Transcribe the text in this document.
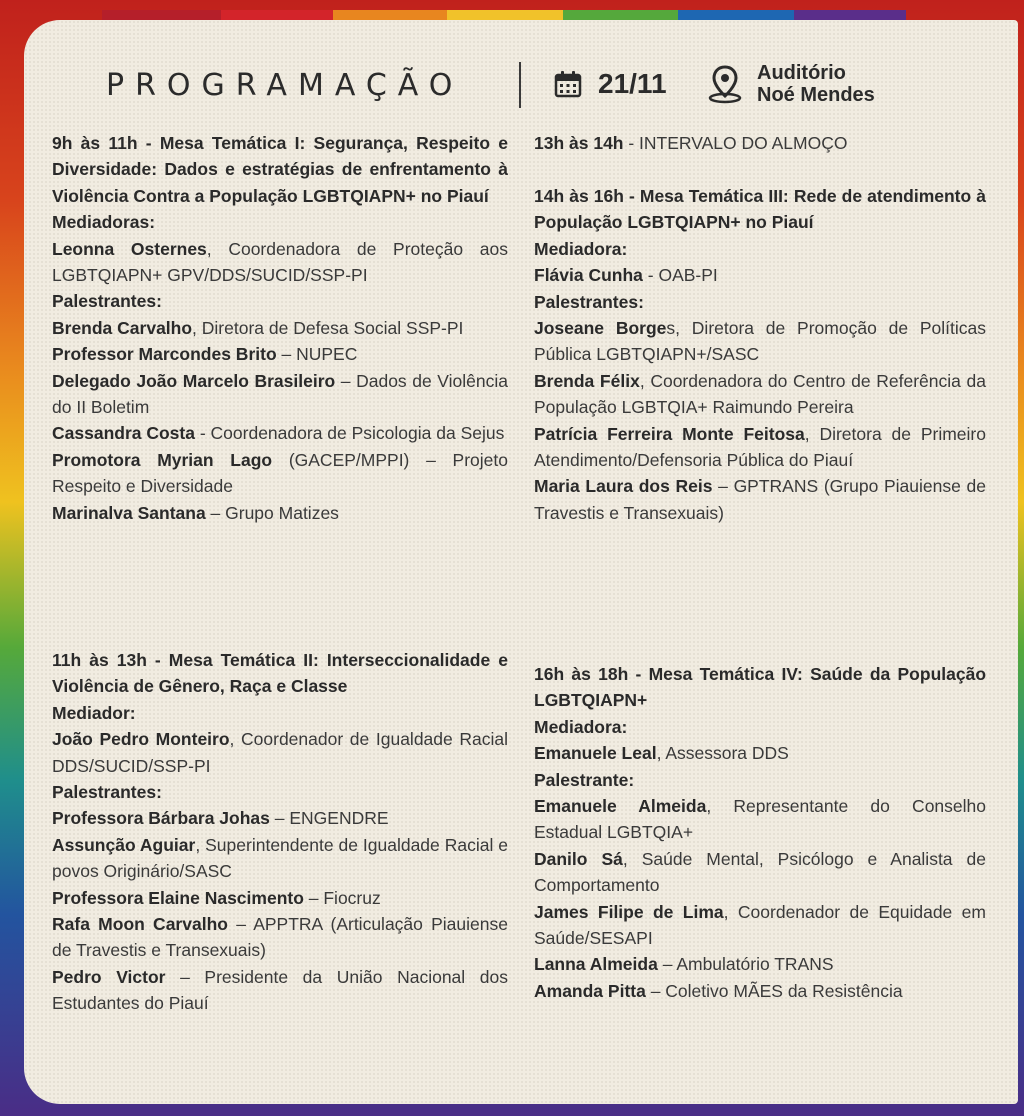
PROGRAMAÇÃO	21/11	Auditório
Noé Mendes

9h às 11h - Mesa Temática I: Segurança, Respeito e Diversidade: Dados e estratégias de enfrentamento à Violência Contra a População LGBTQIAPN+ no Piauí

Mediadoras:

Leonna Osternes, Coordenadora de Proteção aos LGBTQIAPN+ GPV/DDS/SUCID/SSP-PI

Palestrantes:

Brenda Carvalho, Diretora de Defesa Social SSP-PI

Professor Marcondes Brito – NUPEC

Delegado João Marcelo Brasileiro – Dados de Violência do II Boletim

Cassandra Costa - Coordenadora de Psicologia da Sejus

Promotora Myrian Lago (GACEP/MPPI) – Projeto Respeito e Diversidade

Marinalva Santana – Grupo Matizes

11h às 13h - Mesa Temática II: Interseccionalidade e Violência de Gênero, Raça e Classe

Mediador:

João Pedro Monteiro, Coordenador de Igualdade Racial DDS/SUCID/SSP-PI

Palestrantes:

Professora Bárbara Johas – ENGENDRE

Assunção Aguiar, Superintendente de Igualdade Racial e povos Originário/SASC

Professora Elaine Nascimento – Fiocruz

Rafa Moon Carvalho – APPTRA (Articulação Piauiense de Travestis e Transexuais)

Pedro Victor – Presidente da União Nacional dos Estudantes do Piauí

13h às 14h - INTERVALO DO ALMOÇO

14h às 16h - Mesa Temática III: Rede de atendimento à População LGBTQIAPN+ no Piauí

Mediadora:

Flávia Cunha - OAB-PI

Palestrantes:

Joseane Borges, Diretora de Promoção de Políticas Pública LGBTQIAPN+/SASC

Brenda Félix, Coordenadora do Centro de Referência da População LGBTQIA+ Raimundo Pereira

Patrícia Ferreira Monte Feitosa, Diretora de Primeiro Atendimento/Defensoria Pública do Piauí

Maria Laura dos Reis – GPTRANS (Grupo Piauiense de Travestis e Transexuais)

16h às 18h - Mesa Temática IV: Saúde da População LGBTQIAPN+

Mediadora:

Emanuele Leal, Assessora DDS

Palestrante:

Emanuele Almeida, Representante do Conselho Estadual LGBTQIA+

Danilo Sá, Saúde Mental, Psicólogo e Analista de Comportamento

James Filipe de Lima, Coordenador de Equidade em Saúde/SESAPI

Lanna Almeida – Ambulatório TRANS

Amanda Pitta – Coletivo MÃES da Resistência
